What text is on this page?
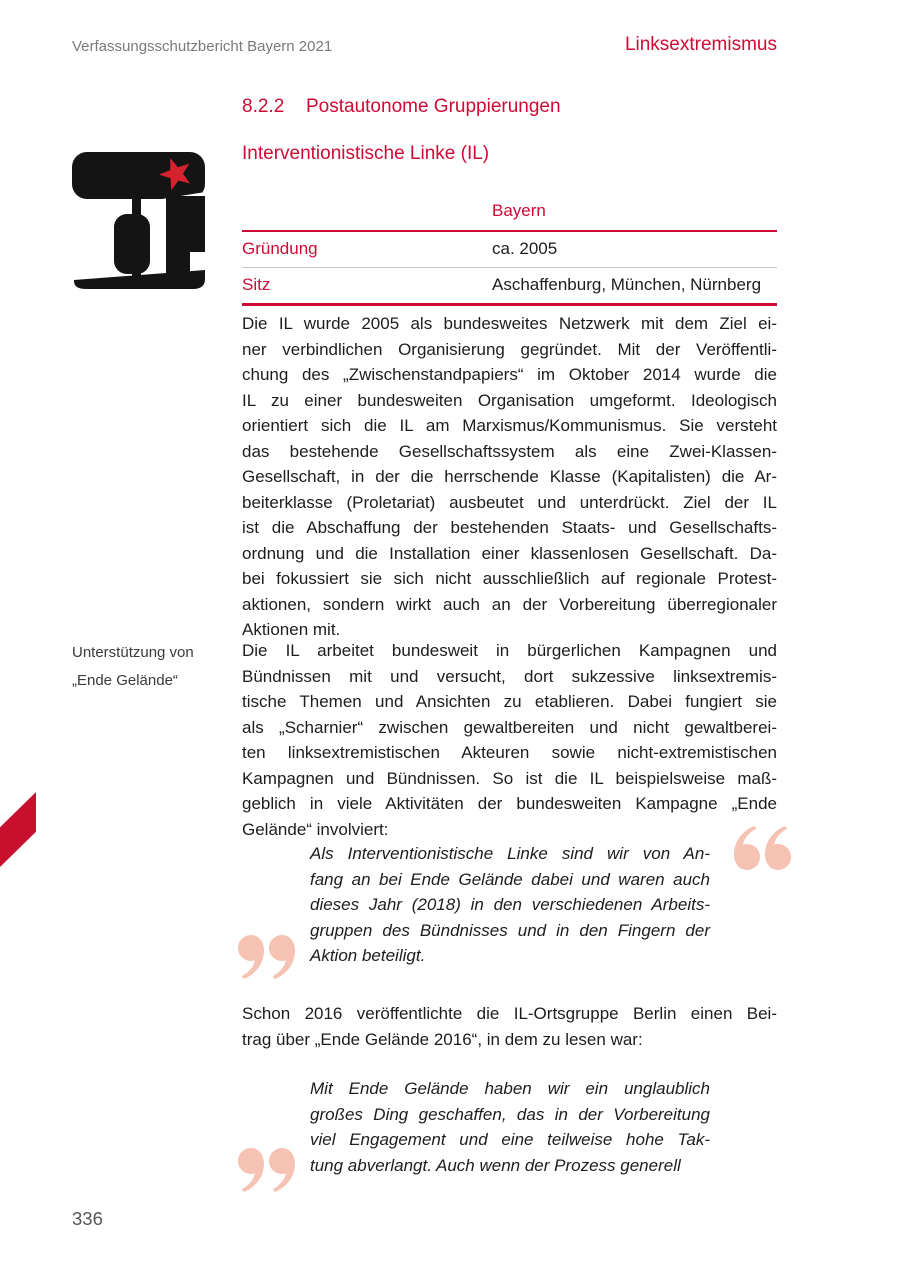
Verfassungsschutzbericht Bayern 2021	Linksextremismus
8.2.2 Postautonome Gruppierungen
Interventionistische Linke (IL)
Bayern
Gründung	ca. 2005
Sitz	Aschaffenburg, München, Nürnberg
Die IL wurde 2005 als bundesweites Netzwerk mit dem Ziel ei-
ner verbindlichen Organisierung gegründet. Mit der Veröffentli-
chung des „Zwischenstandpapiers“ im Oktober 2014 wurde die
IL zu einer bundesweiten Organisation umgeformt. Ideologisch
orientiert sich die IL am Marxismus/Kommunismus. Sie versteht
das bestehende Gesellschaftssystem als eine Zwei-Klassen-
Gesellschaft, in der die herrschende Klasse (Kapitalisten) die Ar-
beiterklasse (Proletariat) ausbeutet und unterdrückt. Ziel der IL
ist die Abschaffung der bestehenden Staats- und Gesellschafts-
ordnung und die Installation einer klassenlosen Gesellschaft. Da-
bei fokussiert sie sich nicht ausschließlich auf regionale Protest-
aktionen, sondern wirkt auch an der Vorbereitung überregionaler
Aktionen mit.
Unterstützung von
„Ende Gelände“
Die IL arbeitet bundesweit in bürgerlichen Kampagnen und
Bündnissen mit und versucht, dort sukzessive linksextremis-
tische Themen und Ansichten zu etablieren. Dabei fungiert sie
als „Scharnier“ zwischen gewaltbereiten und nicht gewaltberei-
ten linksextremistischen Akteuren sowie nicht-extremistischen
Kampagnen und Bündnissen. So ist die IL beispielsweise maß-
geblich in viele Aktivitäten der bundesweiten Kampagne „Ende
Gelände“ involviert:
Als Interventionistische Linke sind wir von An-
fang an bei Ende Gelände dabei und waren auch
dieses Jahr (2018) in den verschiedenen Arbeits-
gruppen des Bündnisses und in den Fingern der
Aktion beteiligt.
Schon 2016 veröffentlichte die IL-Ortsgruppe Berlin einen Bei-
trag über „Ende Gelände 2016“, in dem zu lesen war:
Mit Ende Gelände haben wir ein unglaublich
großes Ding geschaffen, das in der Vorbereitung
viel Engagement und eine teilweise hohe Tak-
tung abverlangt. Auch wenn der Prozess generell
336
